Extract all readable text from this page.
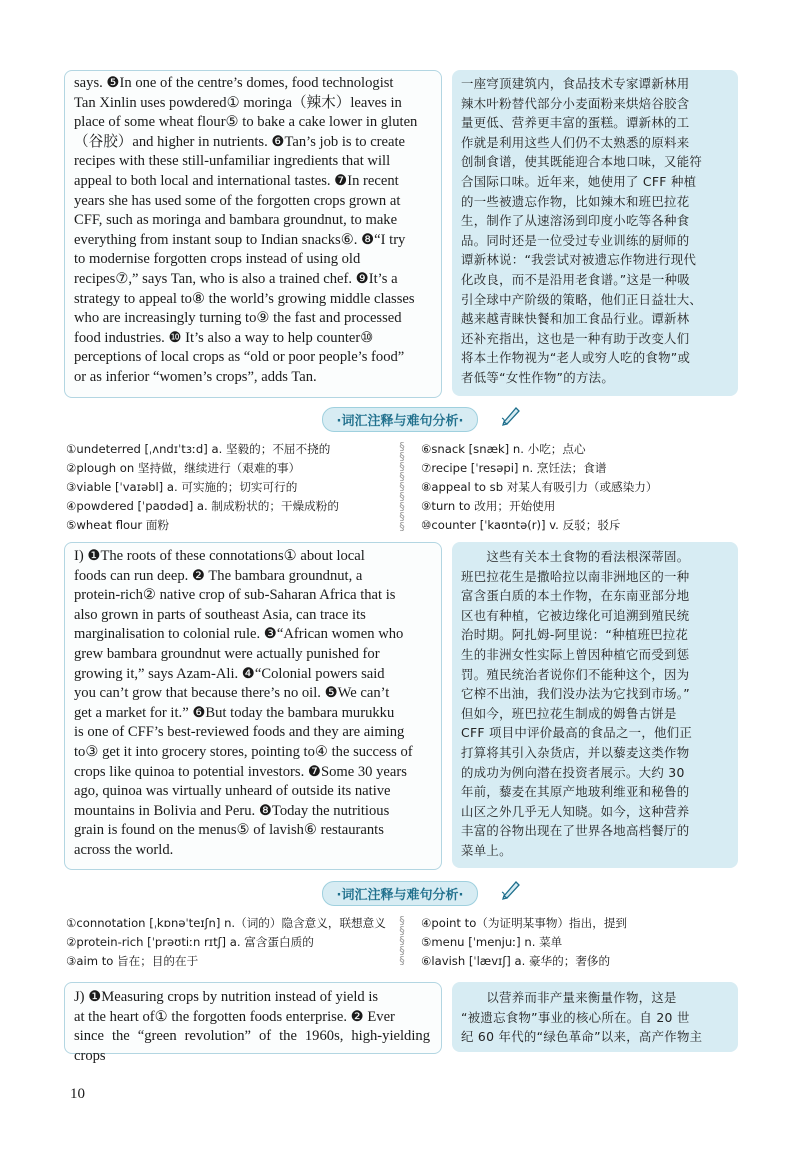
says. ❺In one of the centre’s domes, food technologist
Tan Xinlin uses powdered① moringa（辣木）leaves in
place of some wheat flour⑤ to bake a cake lower in gluten
（谷胶）and higher in nutrients. ❻Tan’s job is to create
recipes with these still-unfamiliar ingredients that will
appeal to both local and international tastes. ❼In recent
years she has used some of the forgotten crops grown at
CFF, such as moringa and bambara groundnut, to make
everything from instant soup to Indian snacks⑥. ❽“I try
to modernise forgotten crops instead of using old
recipes⑦,” says Tan, who is also a trained chef. ❾It’s a
strategy to appeal to⑧ the world’s growing middle classes
who are increasingly turning to⑨ the fast and processed
food industries. ❿ It’s also a way to help counter⑩
perceptions of local crops as “old or poor people’s food”
or as inferior “women’s crops”, adds Tan.
一座穹顶建筑内，食品技术专家谭新林用
辣木叶粉替代部分小麦面粉来烘焙谷胶含
量更低、营养更丰富的蛋糕。谭新林的工
作就是利用这些人们仍不太熟悉的原料来
创制食谱，使其既能迎合本地口味，又能符
合国际口味。近年来，她使用了 CFF 种植
的一些被遗忘作物，比如辣木和班巴拉花
生，制作了从速溶汤到印度小吃等各种食
品。同时还是一位受过专业训练的厨师的
谭新林说：“我尝试对被遗忘作物进行现代
化改良，而不是沿用老食谱。”这是一种吸
引全球中产阶级的策略，他们正日益壮大、
越来越青睐快餐和加工食品行业。谭新林
还补充指出，这也是一种有助于改变人们
将本土作物视为“老人或穷人吃的食物”或
者低等“女性作物”的方法。
·词汇注释与难句分析·
①undeterred [ˌʌndɪˈtɜːd] a. 坚毅的；不屈不挠的
②plough on 坚持做，继续进行（艰难的事）
③viable [ˈvaɪəbl] a. 可实施的；切实可行的
④powdered [ˈpaʊdəd] a. 制成粉状的；干燥成粉的
⑤wheat flour 面粉
§
§
§
§
§
§
§
§
§
⑥snack [snæk] n. 小吃；点心
⑦recipe [ˈresəpi] n. 烹饪法；食谱
⑧appeal to sb 对某人有吸引力（或感染力）
⑨turn to 改用；开始使用
⑩counter [ˈkaʊntə(r)] v. 反驳；驳斥
I) ❶The roots of these connotations① about local
foods can run deep. ❷ The bambara groundnut, a
protein-rich② native crop of sub-Saharan Africa that is
also grown in parts of southeast Asia, can trace its
marginalisation to colonial rule. ❸“African women who
grew bambara groundnut were actually punished for
growing it,” says Azam-Ali. ❹“Colonial powers said
you can’t grow that because there’s no oil. ❺We can’t
get a market for it.” ❻But today the bambara murukku
is one of CFF’s best-reviewed foods and they are aiming
to③ get it into grocery stores, pointing to④ the success of
crops like quinoa to potential investors. ❼Some 30 years
ago, quinoa was virtually unheard of outside its native
mountains in Bolivia and Peru. ❽Today the nutritious
grain is found on the menus⑤ of lavish⑥ restaurants
across the world.
　　这些有关本土食物的看法根深蒂固。
班巴拉花生是撒哈拉以南非洲地区的一种
富含蛋白质的本土作物，在东南亚部分地
区也有种植，它被边缘化可追溯到殖民统
治时期。阿扎姆-阿里说：“种植班巴拉花
生的非洲女性实际上曾因种植它而受到惩
罚。殖民统治者说你们不能种这个，因为
它榨不出油，我们没办法为它找到市场。”
但如今，班巴拉花生制成的姆鲁古饼是
CFF 项目中评价最高的食品之一，他们正
打算将其引入杂货店，并以藜麦这类作物
的成功为例向潜在投资者展示。大约 30
年前，藜麦在其原产地玻利维亚和秘鲁的
山区之外几乎无人知晓。如今，这种营养
丰富的谷物出现在了世界各地高档餐厅的
菜单上。
·词汇注释与难句分析·
①connotation [ˌkɒnəˈteɪʃn] n.（词的）隐含意义，联想意义
②protein-rich [ˈprəʊtiːn rɪtʃ] a. 富含蛋白质的
③aim to 旨在；目的在于
§
§
§
§
§
④point to（为证明某事物）指出，提到
⑤menu [ˈmenjuː] n. 菜单
⑥lavish [ˈlævɪʃ] a. 豪华的；奢侈的
J) ❶Measuring crops by nutrition instead of yield is
at the heart of① the forgotten foods enterprise. ❷ Ever
since the “green revolution” of the 1960s, high-yielding crops
　　以营养而非产量来衡量作物，这是
“被遗忘食物”事业的核心所在。自 20 世
纪 60 年代的“绿色革命”以来，高产作物主
10
